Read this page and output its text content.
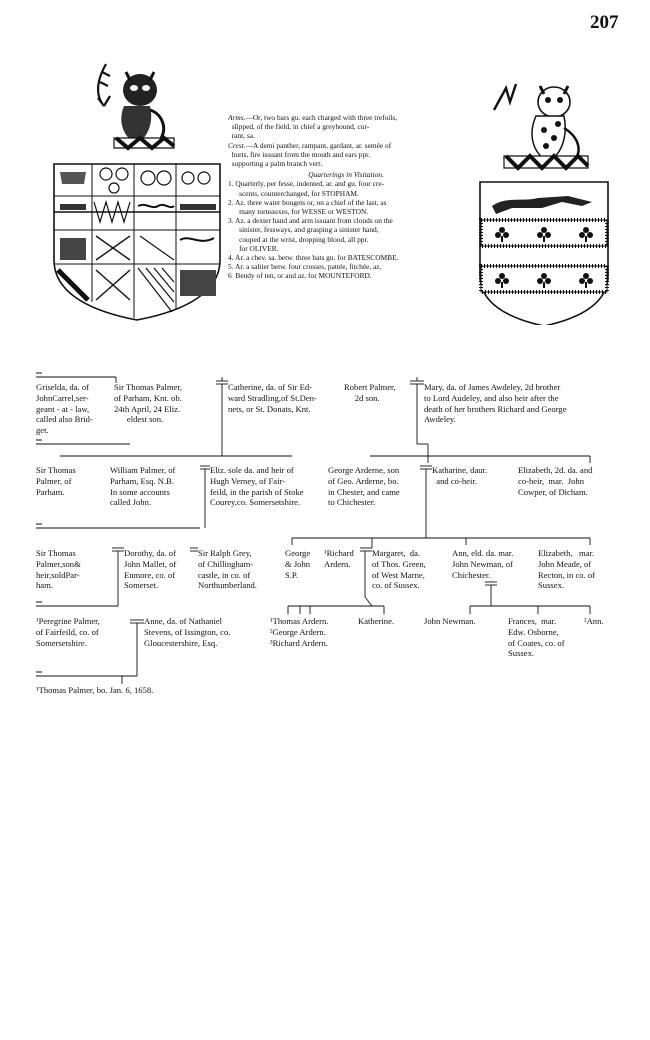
207

Arms.—Or, two bars gu. each charged with three trefoils,
slipped, of the field, in chief a greyhound, cur-
rant, sa.

Crest.—A demi panther, rampant, gardant, ar. semée of
hurts, fire issuant from the mouth and ears ppr.
supporting a palm branch vert.

Quarterings in Visitation.

1. Quarterly, per fesse, indented, ar. and gu. four cre-
scents, counterchanged, for STOPHAM.

2. Az. three water bougets or, on a chief of the last, as
many torteauxes, for WESSE or WESTON.

3. Az. a dexter hand and arm issuant from clouds on the
sinister, fessways, and grasping a sinister hand,
couped at the wrist, dropping blood, all ppr.
for OLIVER.

4. Ar. a chev. sa. betw. three bats gu. for BATESCOMBE.

5. Ar. a saltier betw. four crosses, pattée, fitchée, az.

6  Bendy of ten, or and az. for MOUNTEFORD.

Griselda, da. of
JohnCarrel,ser-
geant - at - law,
called also Brid-
get.
Sir Thomas Palmer,
of Parham, Knt. ob.
24th April, 24 Eliz.
eldest son.
Catherine, da. of Sir Ed-
ward Stradling,of St.Den-
nets, or St. Donats, Knt.
Robert Palmer,
2d son.
Mary, da. of James Awdeley, 2d brother
to Lord Audeley, and also heir after the
death of her brothers Richard and George
Awdeley.
Sir Thomas
Palmer, of
Parham.
William Palmer, of
Parham, Esq. N.B.
In some accounts
called John.
Eliz. sole da. and heir of
Hugh Verney, of Fair-
feild, in the parish of Stoke
Courey,co. Somersetshire.
George Arderne, son
of Geo. Arderne, bo.
in Chester, and came
to Chichester.
Katharine, daur.
and co-heir.
Elizabeth, 2d. da. and
co-heir,  mar.  John
Cowper, of Dicham.
Sir Thomas
Palmer,son&
heir,soldPar-
ham.
Dorothy, da. of
John Mallet, of
Enmore, co. of
Somerset.
Sir Ralph Grey,
of Chillingham-
castle, in co. of
Northumberland.
George
& John
S.P.
¹Richard
Ardern.
Margaret,  da.
of Thos. Green,
of West Marne,
co. of Sussex.
Ann, eld. da. mar.
John Newman, of
Chichester.
Elizabeth,   mar.
John Meade, of
Recton, in co. of
Sussex.
¹Peregrine Palmer,
of Fairfeild, co. of
Somersetshire.
Anne, da. of Nathaniel
Stevens, of Issington, co.
Gloucestershire, Esq.
¹Thomas Ardern.
²George Ardern.
³Richard Ardern.
Katherine.	John Newman.	Frances,  mar.
Edw. Osborne,
of Coates, co. of
Sussex.
²Ann.
¹Thomas Palmer, bo. Jan. 6, 1658.
